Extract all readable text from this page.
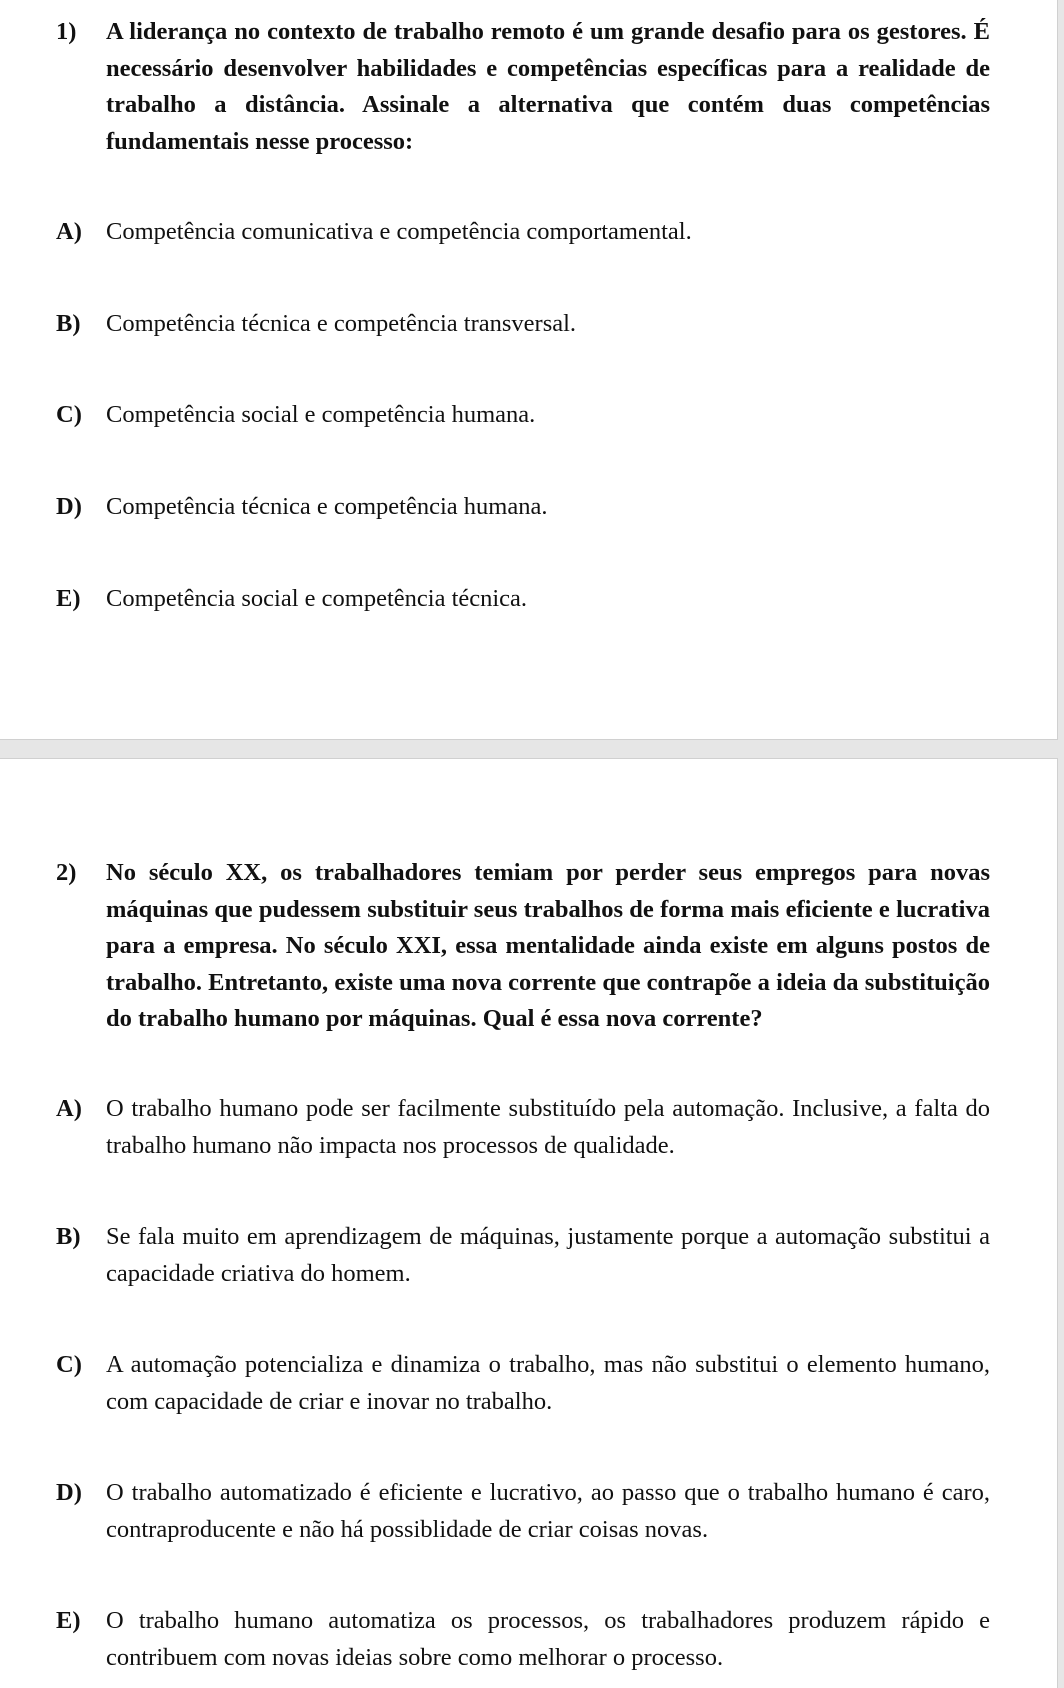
1)	A liderança no contexto de trabalho remoto é um grande desafio para os gestores. É necessário desenvolver habilidades e competências específicas para a realidade de trabalho a distância. Assinale a alternativa que contém duas competências fundamentais nesse processo:
A) Competência comunicativa e competência comportamental.
B)	Competência técnica e competência transversal.
C) Competência social e competência humana.
D) Competência técnica e competência humana.
E)	Competência social e competência técnica.
2)	No século XX, os trabalhadores temiam por perder seus empregos para novas máquinas que pudessem substituir seus trabalhos de forma mais eficiente e lucrativa para a empresa. No século XXI, essa mentalidade ainda existe em alguns postos de trabalho. Entretanto, existe uma nova corrente que contrapõe a ideia da substituição do trabalho humano por máquinas. Qual é essa nova corrente?
A) O trabalho humano pode ser facilmente substituído pela automação. Inclusive, a falta do trabalho humano não impacta nos processos de qualidade.
B)	Se fala muito em aprendizagem de máquinas, justamente porque a automação substitui a capacidade criativa do homem.
C) A automação potencializa e dinamiza o trabalho, mas não substitui o elemento humano, com capacidade de criar e inovar no trabalho.
D) O trabalho automatizado é eficiente e lucrativo, ao passo que o trabalho humano é caro, contraproducente e não há possiblidade de criar coisas novas.
E)	O trabalho humano automatiza os processos, os trabalhadores produzem rápido e contribuem com novas ideias sobre como melhorar o processo.
